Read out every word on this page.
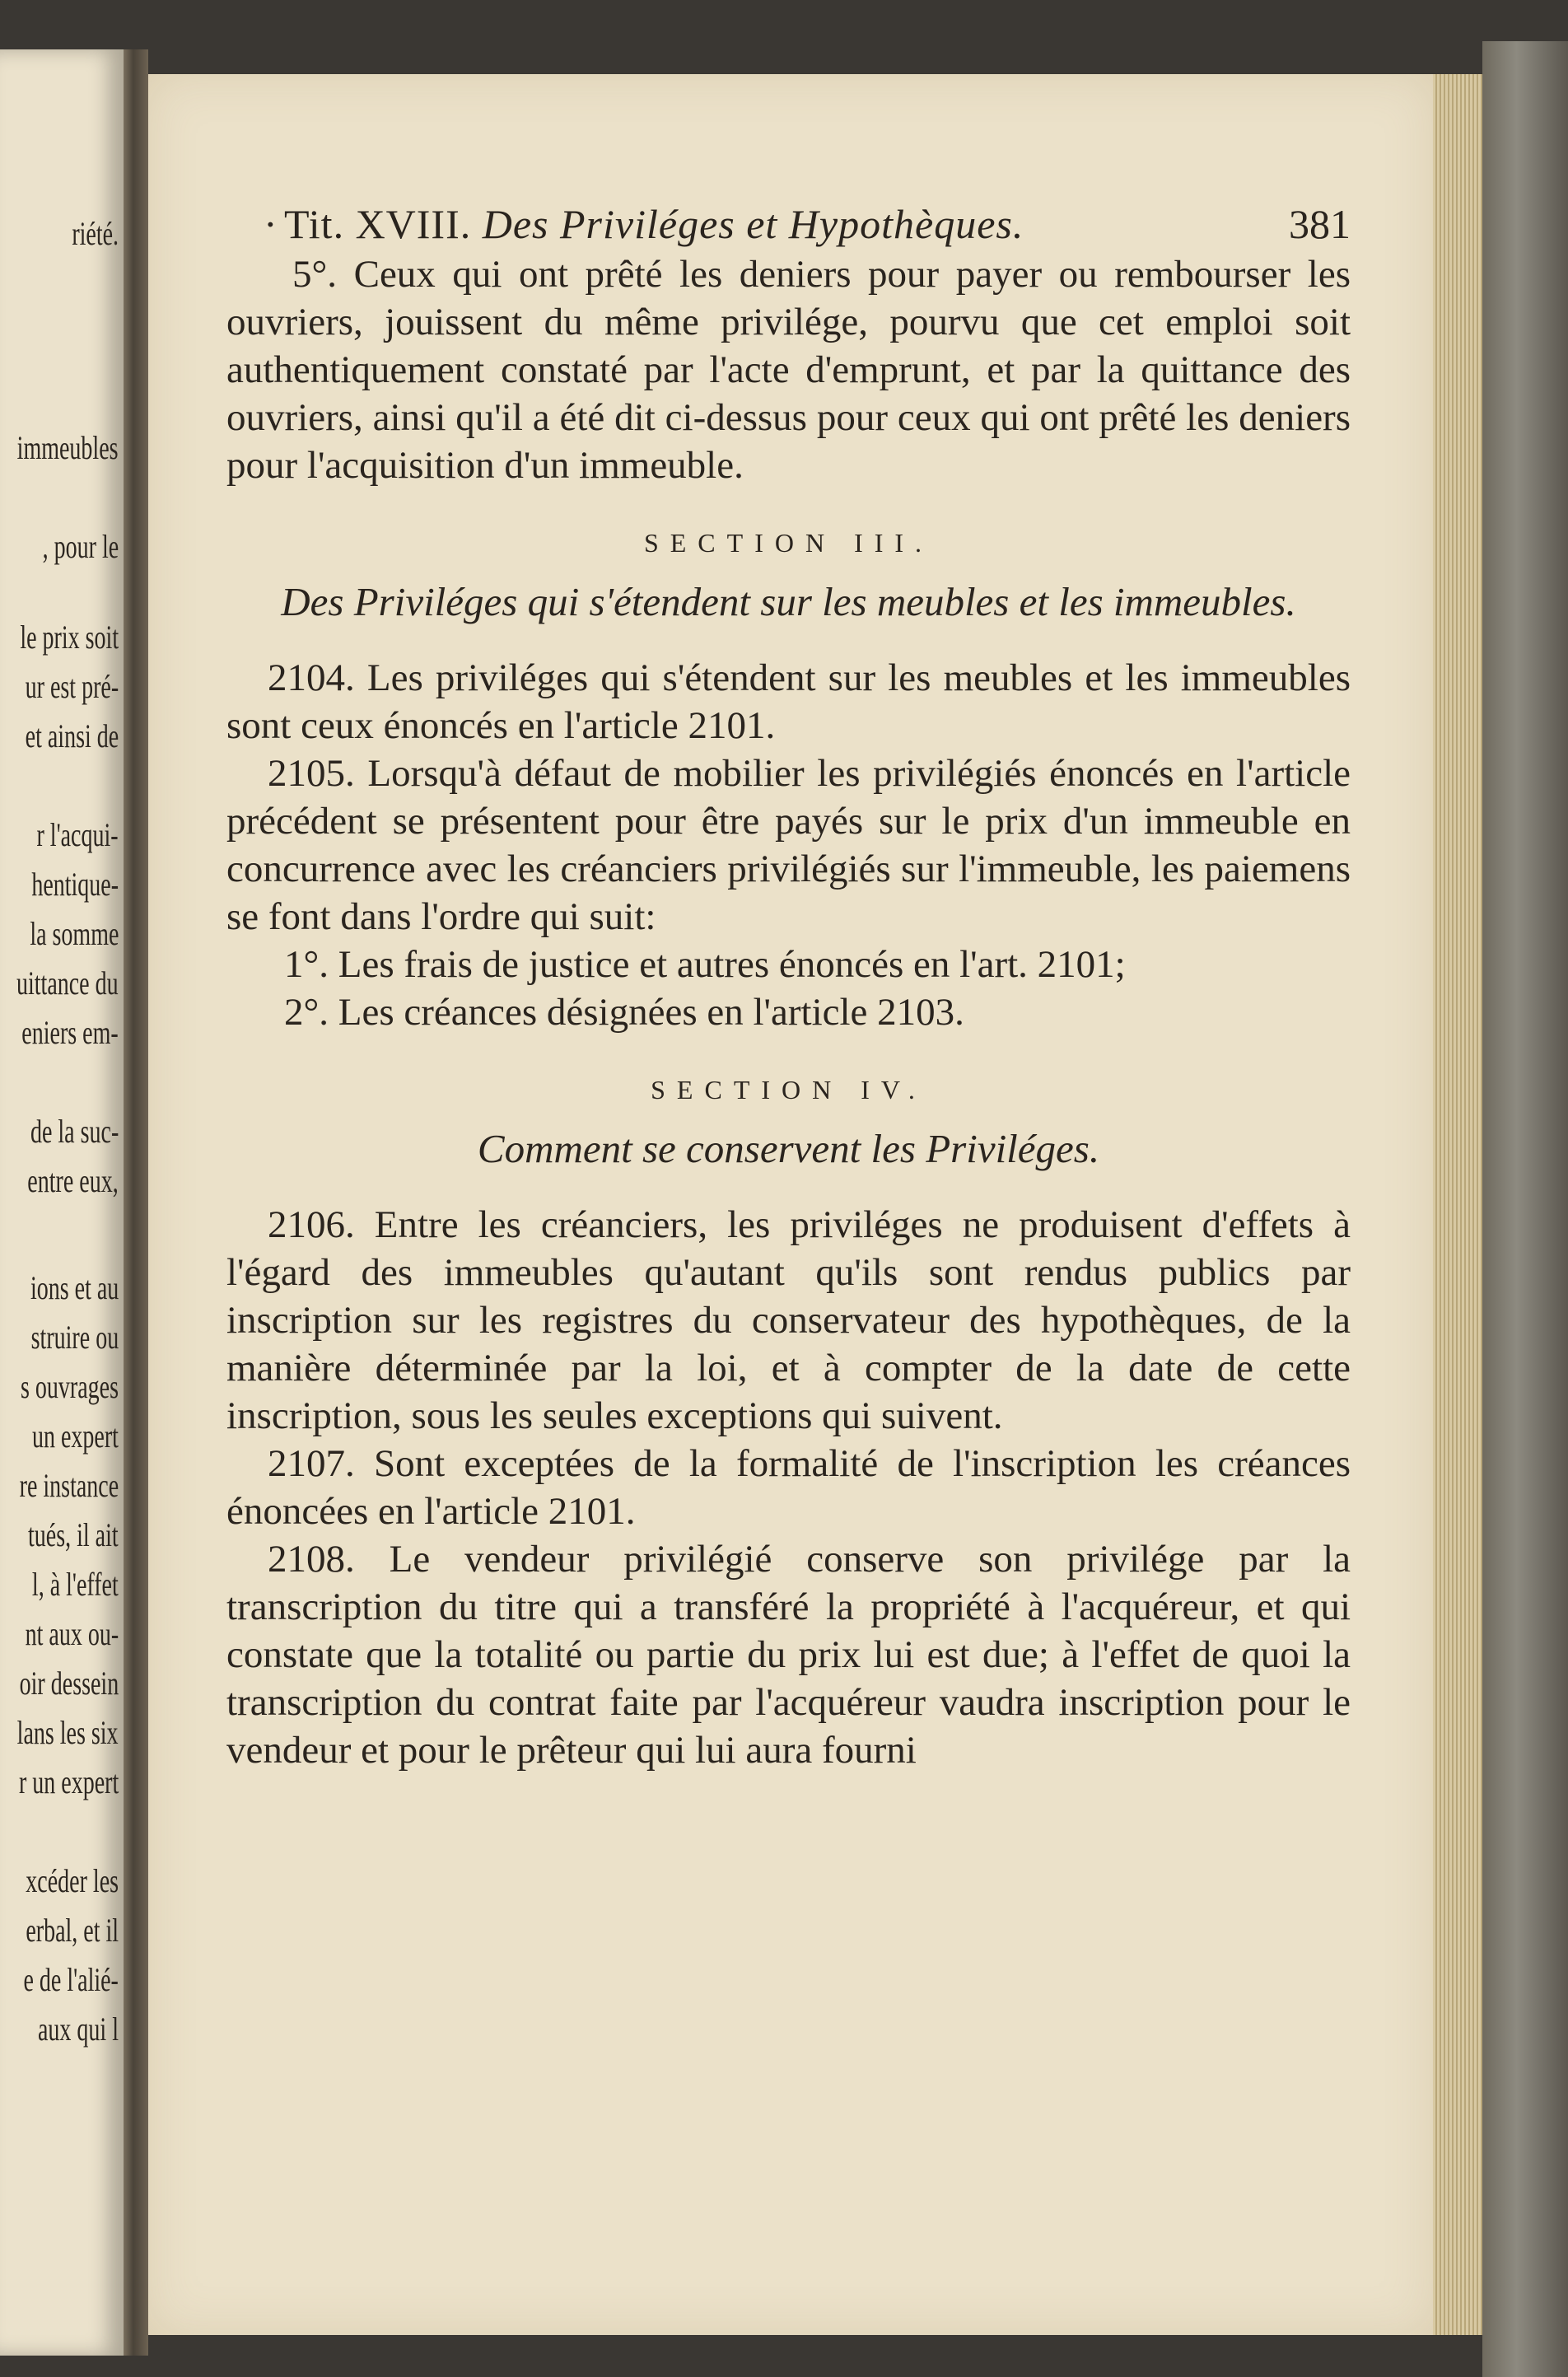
riété.
immeubles
, pour le
le prix soit
ur est pré-
et ainsi de
r l'acqui-
hentique-
la somme
uittance du
eniers em-
de la suc-
entre eux,
ions et au
struire ou
s ouvrages
un expert
re instance
tués, il ait
l, à l'effet
nt aux ou-
oir dessein
lans les six
r un expert
xcéder les
erbal, et il
e de l'alié-
aux qui l
· Tit. XVIII. Des Priviléges et Hypothèques.	381

5°. Ceux qui ont prêté les deniers pour payer ou rembourser les ouvriers, jouissent du même privilége, pourvu que cet emploi soit authentiquement constaté par l'acte d'emprunt, et par la quittance des ouvriers, ainsi qu'il a été dit ci-dessus pour ceux qui ont prêté les deniers pour l'acquisition d'un immeuble.

SECTION III.
Des Priviléges qui s'étendent sur les meubles et les immeubles.

2104. Les priviléges qui s'étendent sur les meubles et les immeubles sont ceux énoncés en l'article 2101.

2105. Lorsqu'à défaut de mobilier les privilégiés énoncés en l'article précédent se présentent pour être payés sur le prix d'un immeuble en concurrence avec les créanciers privilégiés sur l'immeuble, les paiemens se font dans l'ordre qui suit:

1°. Les frais de justice et autres énoncés en l'art. 2101;

2°. Les créances désignées en l'article 2103.

SECTION IV.
Comment se conservent les Priviléges.

2106. Entre les créanciers, les priviléges ne produisent d'effets à l'égard des immeubles qu'autant qu'ils sont rendus publics par inscription sur les registres du conservateur des hypothèques, de la manière déterminée par la loi, et à compter de la date de cette inscription, sous les seules exceptions qui suivent.

2107. Sont exceptées de la formalité de l'inscription les créances énoncées en l'article 2101.

2108. Le vendeur privilégié conserve son privilége par la transcription du titre qui a transféré la propriété à l'acquéreur, et qui constate que la totalité ou partie du prix lui est due; à l'effet de quoi la transcription du contrat faite par l'acquéreur vaudra inscription pour le vendeur et pour le prêteur qui lui aura fourni
